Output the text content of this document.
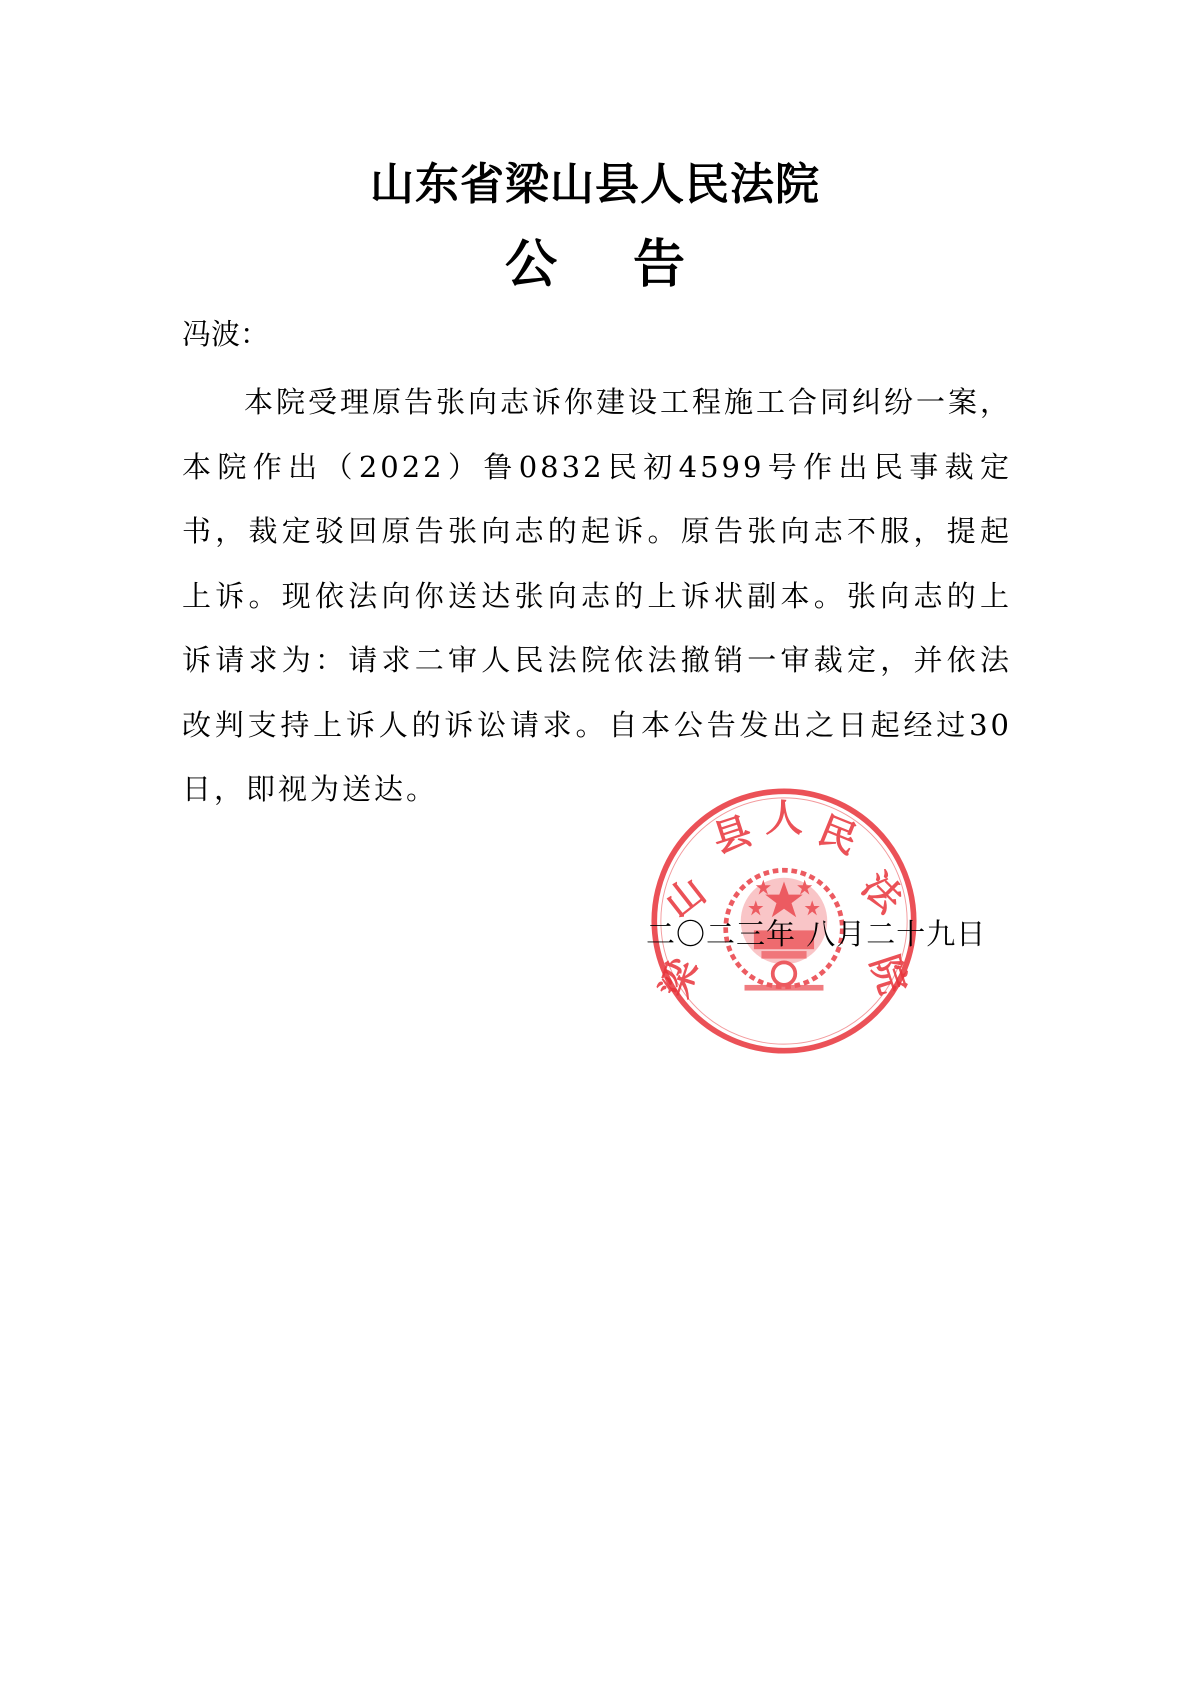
山东省梁山县人民法院
公 告
冯波：
本院受理原告张向志诉你建设工程施工合同纠纷一案，本院作出（2022）鲁0832民初4599号作出民事裁定书，裁定驳回原告张向志的起诉。原告张向志不服，提起上诉。现依法向你送达张向志的上诉状副本。张向志的上诉请求为：请求二审人民法院依法撤销一审裁定，并依法改判支持上诉人的诉讼请求。自本公告发出之日起经过30日，即视为送达。
梁
山
县 人 民
法
院
二〇二三年 八月二十九日
